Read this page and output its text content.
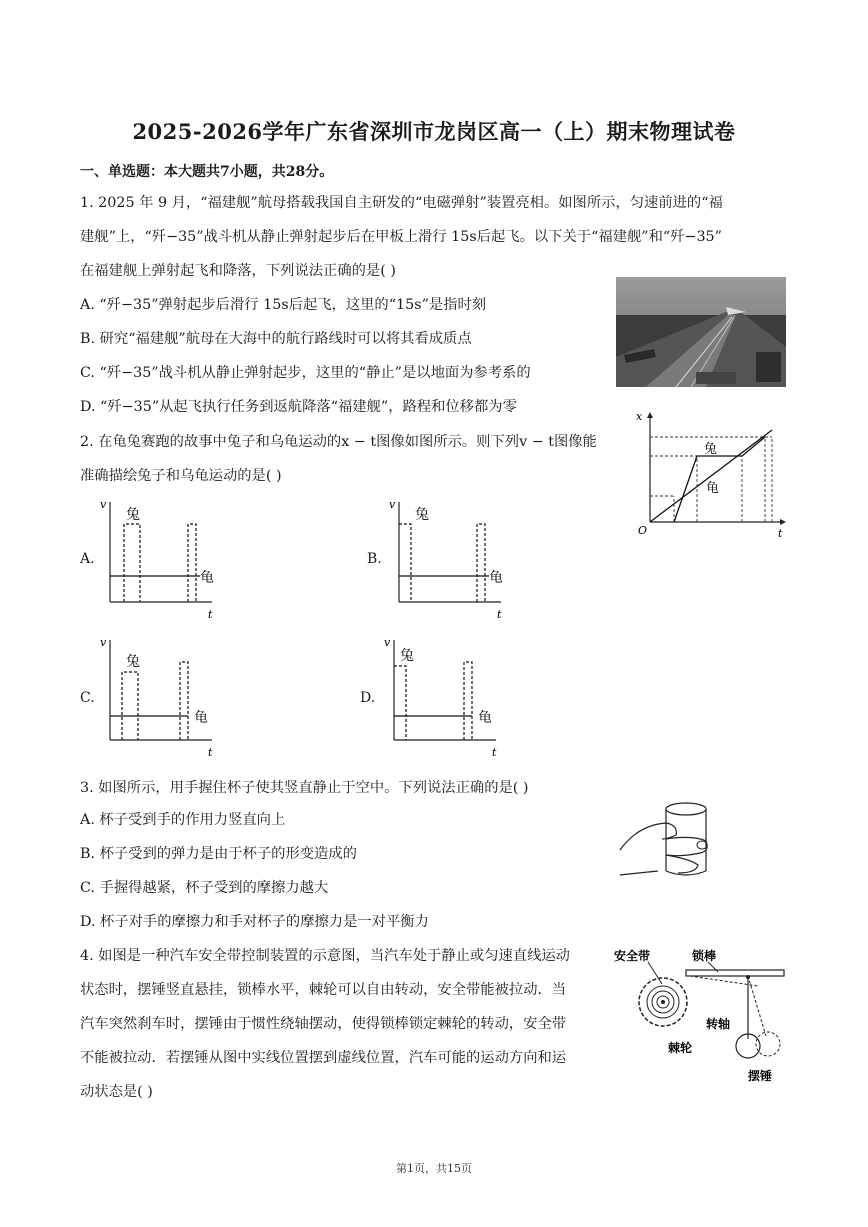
2025-2026学年广东省深圳市龙岗区高一（上）期末物理试卷
一、单选题：本大题共7小题，共28分。
1. 2025 年 9 月，“福建舰”航母搭载我国自主研发的“电磁弹射”装置亮相。如图所示，匀速前进的“福
建舰”上，“歼−35”战斗机从静止弹射起步后在甲板上滑行 15s后起飞。以下关于“福建舰”和“歼−35”
在福建舰上弹射起飞和降落，下列说法正确的是( )
A. “歼−35”弹射起步后滑行 15s后起飞，这里的“15s”是指时刻
B. 研究“福建舰”航母在大海中的航行路线时可以将其看成质点
C. “歼−35”战斗机从静止弹射起步，这里的“静止”是以地面为参考系的
D. “歼−35”从起飞执行任务到返航降落“福建舰”，路程和位移都为零
2. 在龟兔赛跑的故事中兔子和乌龟运动的x − t图像如图所示。则下列v − t图像能
准确描绘兔子和乌龟运动的是( )
x
t
O
兔
龟
A.
v
t
兔
龟
B.
v
t
兔
龟
C.
v
t
兔
龟
D.
v
t
兔
龟
3. 如图所示，用手握住杯子使其竖直静止于空中。下列说法正确的是( )
A. 杯子受到手的作用力竖直向上
B. 杯子受到的弹力是由于杯子的形变造成的
C. 手握得越紧，杯子受到的摩擦力越大
D. 杯子对手的摩擦力和手对杯子的摩擦力是一对平衡力
4. 如图是一种汽车安全带控制装置的示意图，当汽车处于静止或匀速直线运动
状态时，摆锤竖直悬挂，锁棒水平，棘轮可以自由转动，安全带能被拉动．当
汽车突然刹车时，摆锤由于惯性绕轴摆动，使得锁棒锁定棘轮的转动，安全带
不能被拉动．若摆锤从图中实线位置摆到虚线位置，汽车可能的运动方向和运
动状态是( )
安全带	锁棒
转轴
棘轮
摆锤
第1页，共15页
